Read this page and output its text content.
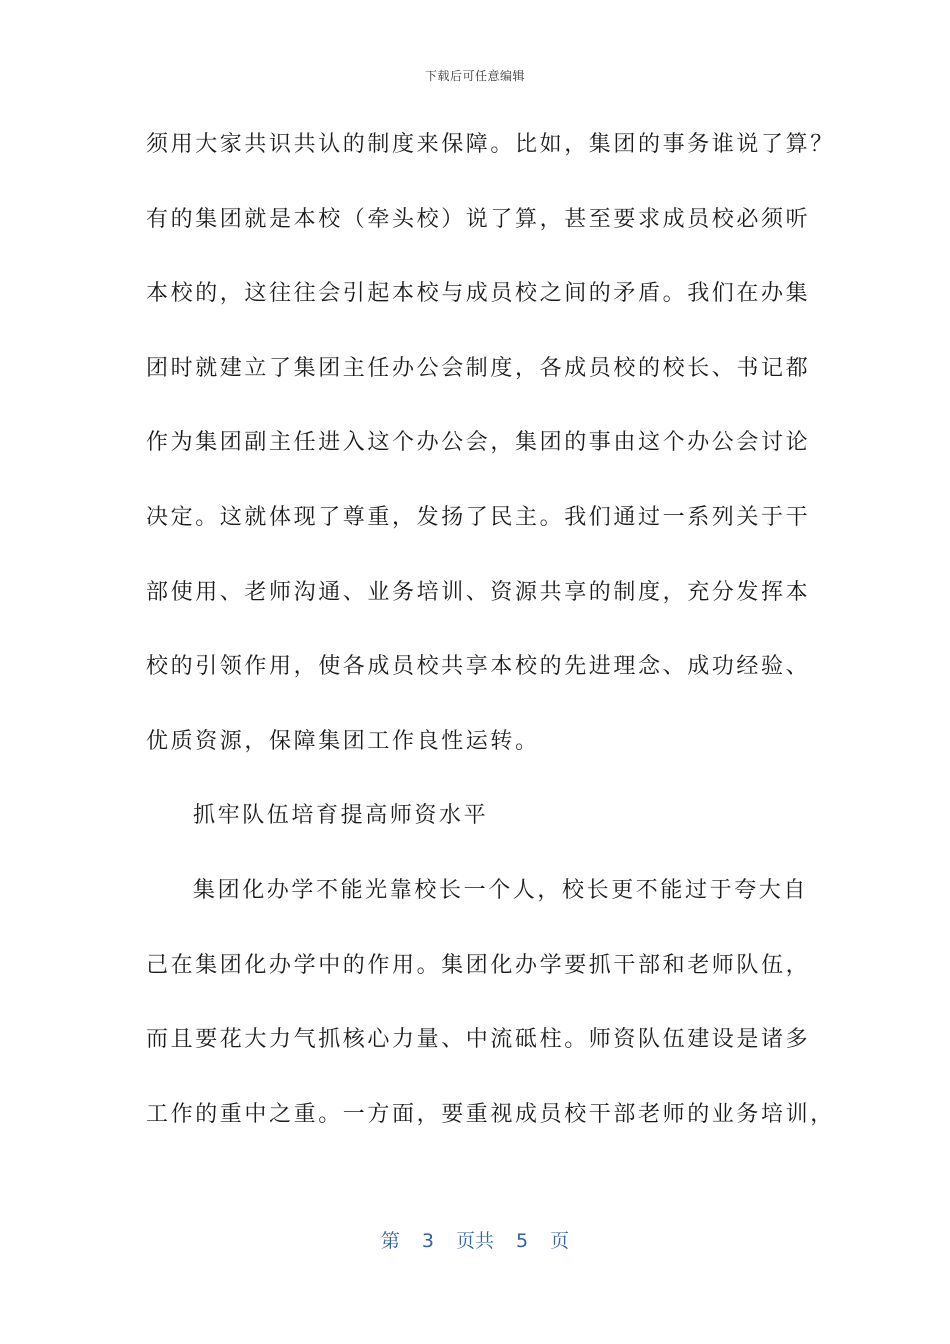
下载后可任意编辑
须用大家共识共认的制度来保障。比如，集团的事务谁说了算？
有的集团就是本校（牵头校）说了算，甚至要求成员校必须听
本校的，这往往会引起本校与成员校之间的矛盾。我们在办集
团时就建立了集团主任办公会制度，各成员校的校长、书记都
作为集团副主任进入这个办公会，集团的事由这个办公会讨论
决定。这就体现了尊重，发扬了民主。我们通过一系列关于干
部使用、老师沟通、业务培训、资源共享的制度，充分发挥本
校的引领作用，使各成员校共享本校的先进理念、成功经验、
优质资源，保障集团工作良性运转。
抓牢队伍培育提高师资水平
集团化办学不能光靠校长一个人，校长更不能过于夸大自
己在集团化办学中的作用。集团化办学要抓干部和老师队伍，
而且要花大力气抓核心力量、中流砥柱。师资队伍建设是诸多
工作的重中之重。一方面，要重视成员校干部老师的业务培训，
第 3 页共 5 页
